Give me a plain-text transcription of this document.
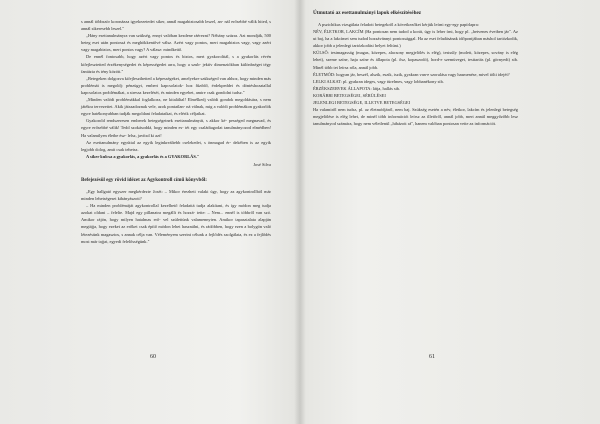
s annál többször koronázza igyekezetedet siker, annál magabiztosabb leszel, an- nál erősebbé válik hited, s annál sikeresebb leszel."

„Hány esettanulmányra van szükség, ennyi valóban kezdene ráérezni? Néhány százra. Azt mondják, 500 beteg eset után pontossá és meghökkentővé válsz. Azért vagy pontos, mert magabiztos vagy, vagy azért vagy magabiztos, mert pontos vagy? A válasz: mindkettő.

De ennél fontosabb, hogy azért vagy pontos és biztos, mert gyakorolttál, s a gyakorlás révén kifejlesztetted érzékenységedet és képességedet arra, hogy a szub- jektív dimenziókban különbséget tégy fantázia és tény között."

„Betegeken dolgozva kifejleszthetted a képességeket, amelyekre szükséged van ahhoz, hogy minden más problémát is megoldj: pénzügyi, emberi kapcsolatok- hoz fűződő, érdekpeddei és döntéshozatallal kapcsolatos problémákat, a stressz kezelését, és minden egyebet, amire csak gondolni tudsz."

„Minden valódi problémákkal foglalkozz, ne kitaláltal! Elmélkedj valódi gondok megoldására, s nem játékra tervezettet. Akik játszadoznak vele, azok pontatlan- ná válnak, mig a valódi problémákon gyakorlók egyre hatékonyabban tudják megoldani feladataikat, és elérik céljaikat.

Gyakorold rendszeresen emberek betegségeinek esettanulmányát, s akkor ké- pességed megnavad, és egyre erősebbé válik! Tedd szokásoddá, hogy minden es- tét egy családtagodat tanulmányozod elmédben! Ha valamilyen életbe ész- lelsz, javítsd ki azt!

Az esettanulmány egyúttal az egyik leginkreáltebb cselekedet, s önmagad ér- dekében is az egyik legjobb dolog, amit csak tehetsz.

A siker kulcsa a gyakorlás, a gyakorlás és a GYAKORLÁS."

José Silva
Befejezésül egy rövid idézet az Agykontroll című könyvből:

„Egy hallgató egyszer megkérdezte Josét: – Mikor érezheti valaki úgy, hogy az agykontrollból már minden lehetségeset kibányászott?

– Ha minden problémáját agykontrollal kezelhető feladattá tudja alakítani, és így módon meg tudja azokat oldani – felelte. Majd egy pillanatra megállt és hozzá- tette: – Nem... ennél is többről van szó. Amikor rájön, hogy milyen hatalmas erő- vel születtünk valamennyien. Amikor tapasztalata alapján megtájja, hogy ezeket az erőket csak építő módon lehet használni, és rádöbben, hogy ezen a bolygón való létezésünk magasztos, s annak célja van. Véleményem szerint célunk a fejlődés szolgálata, és ez a fejlődés most már tajjat, egyedi felelősségünk."

60
Útmutató az esettanulmányi lapok elkészítéséhez

A pszichikus vizsgálata feladott betegekről a következőket kérjük leírni egy-egy papírlapra:

NÉV, ÉLETKOR, LAKCÍM (Ha pontosan nem tudod a korát, úgy is leher írni, hogy pl. „hetvenes éveiben jár". Az ut baj, ha a lakcímet sem tudod hozzávánnyi pontossággal. Ha az eset feladásának időpontjában máshol tartózkodik, akkor jobb a jelenlegi tartózkodási helyet feltüni.)

KÜLSŐ: testmagasság (magas, közepes, alacsony megjelölés is elég), testsúly (molett, közepes, sovány is elég lehet), szeme színe, haja színe és állapota (pl. ősz, kopaszodó), hord-e szemüveget, testtartás (pl. görnyedt) stb. Minél több tet leírsz róla, annál jobb.

ÉLETMÓD: hogyan jár, beszél, alszik, eszik, iszik, gyakran van-e szorulása vagy hasmenése, mivel tölti idejét?

LELKI ALKAT: pl. gyakran ideges, vagy türelmes, vagy lobbanékony stb.

ÉRZÉKSZERVEK ÁLLAPOTA: látja, hallás stb.

KORÁBBI BETEGSÉGEI, SÉRÜLÉSEI

JELENLEGI BETEGSÉGE, ILLETVE BETEGSÉGEI

Ha valamiről nem tudsz, pl. az életmódjáról, nem baj. Szükség esetén a név, életkor, lakcím és jelenlegi betegség megjelölése is elég lehet, de minél több információt leírsz az illetőről, annál jobb, mert annál meggyőzőbb lesz tanulmányod számára, hogy nem véletlenül „hibázott rá", hanem valóban pontosan vette az információt.

61
